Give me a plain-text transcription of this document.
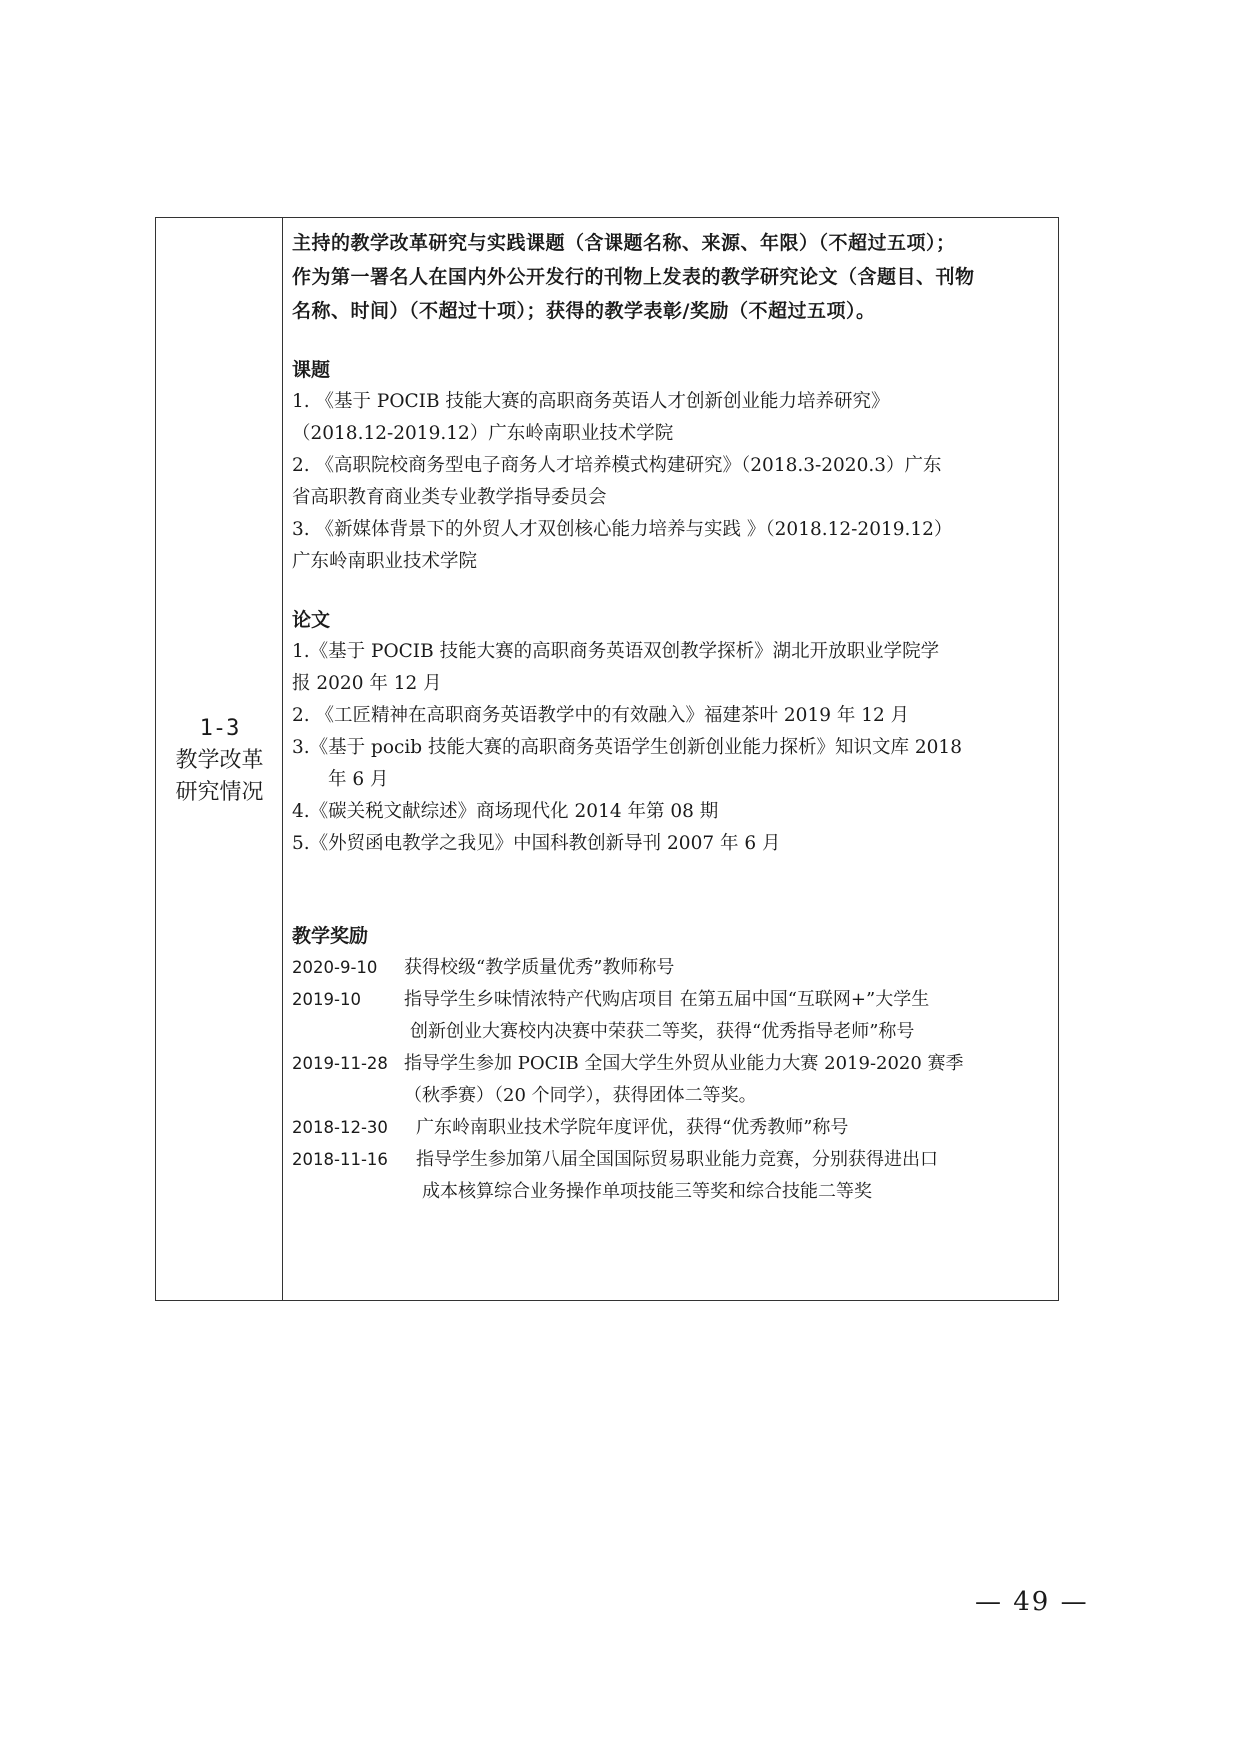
1-3
教学改革
研究情况
主持的教学改革研究与实践课题（含课题名称、来源、年限）（不超过五项）；
作为第一署名人在国内外公开发行的刊物上发表的教学研究论文（含题目、刊物
名称、时间）（不超过十项）；获得的教学表彰/奖励（不超过五项）。
课题
1. 《基于 POCIB 技能大赛的高职商务英语人才创新创业能力培养研究》
（2018.12-2019.12）广东岭南职业技术学院
2. 《高职院校商务型电子商务人才培养模式构建研究》（2018.3-2020.3）广东
省高职教育商业类专业教学指导委员会
3. 《新媒体背景下的外贸人才双创核心能力培养与实践 》（2018.12-2019.12）
广东岭南职业技术学院
论文
1.《基于 POCIB 技能大赛的高职商务英语双创教学探析》湖北开放职业学院学
报 2020 年 12 月
2. 《工匠精神在高职商务英语教学中的有效融入》福建茶叶 2019 年 12 月
3.《基于 pocib 技能大赛的高职商务英语学生创新创业能力探析》知识文库 2018
年 6 月
4.《碳关税文献综述》商场现代化 2014 年第 08 期
5.《外贸函电教学之我见》中国科教创新导刊 2007 年 6 月
教学奖励
2020-9-10	获得校级“教学质量优秀”教师称号
2019-10	指导学生乡味情浓特产代购店项目 在第五届中国“互联网+”大学生
创新创业大赛校内决赛中荣获二等奖，获得“优秀指导老师”称号
2019-11-28 指导学生参加 POCIB 全国大学生外贸从业能力大赛 2019-2020 赛季
（秋季赛）（20 个同学），获得团体二等奖。
2018-12-30	广东岭南职业技术学院年度评优，获得“优秀教师”称号
2018-11-16	指导学生参加第八届全国国际贸易职业能力竞赛，分别获得进出口
成本核算综合业务操作单项技能三等奖和综合技能二等奖
— 49 —
